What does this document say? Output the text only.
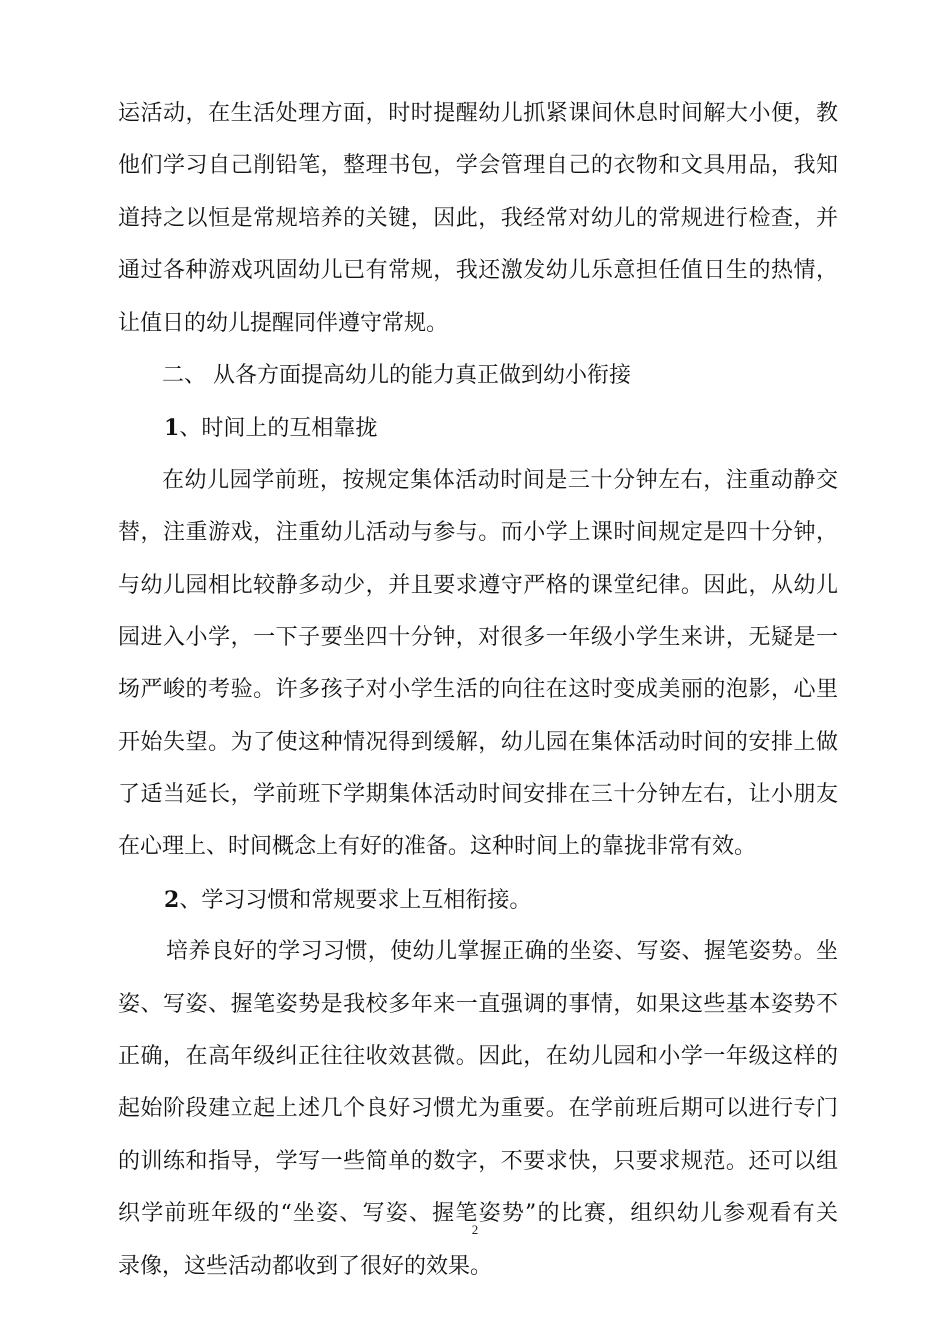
运活动，在生活处理方面，时时提醒幼儿抓紧课间休息时间解大小便，教
他们学习自己削铅笔，整理书包，学会管理自己的衣物和文具用品，我知
道持之以恒是常规培养的关键，因此，我经常对幼儿的常规进行检查，并
通过各种游戏巩固幼儿已有常规，我还激发幼儿乐意担任值日生的热情，
让值日的幼儿提醒同伴遵守常规。
二、 从各方面提高幼儿的能力真正做到幼小衔接
1、时间上的互相靠拢
在幼儿园学前班，按规定集体活动时间是三十分钟左右，注重动静交
替，注重游戏，注重幼儿活动与参与。而小学上课时间规定是四十分钟，
与幼儿园相比较静多动少，并且要求遵守严格的课堂纪律。因此，从幼儿
园进入小学，一下子要坐四十分钟，对很多一年级小学生来讲，无疑是一
场严峻的考验。许多孩子对小学生活的向往在这时变成美丽的泡影，心里
开始失望。为了使这种情况得到缓解，幼儿园在集体活动时间的安排上做
了适当延长，学前班下学期集体活动时间安排在三十分钟左右，让小朋友
在心理上、时间概念上有好的准备。这种时间上的靠拢非常有效。
2、学习习惯和常规要求上互相衔接。
培养良好的学习习惯，使幼儿掌握正确的坐姿、写姿、握笔姿势。坐
姿、写姿、握笔姿势是我校多年来一直强调的事情，如果这些基本姿势不
正确，在高年级纠正往往收效甚微。因此，在幼儿园和小学一年级这样的
起始阶段建立起上述几个良好习惯尤为重要。在学前班后期可以进行专门
的训练和指导，学写一些简单的数字，不要求快，只要求规范。还可以组
织学前班年级的“坐姿、写姿、握笔姿势”的比赛，组织幼儿参观看有关
录像，这些活动都收到了很好的效果。
2
